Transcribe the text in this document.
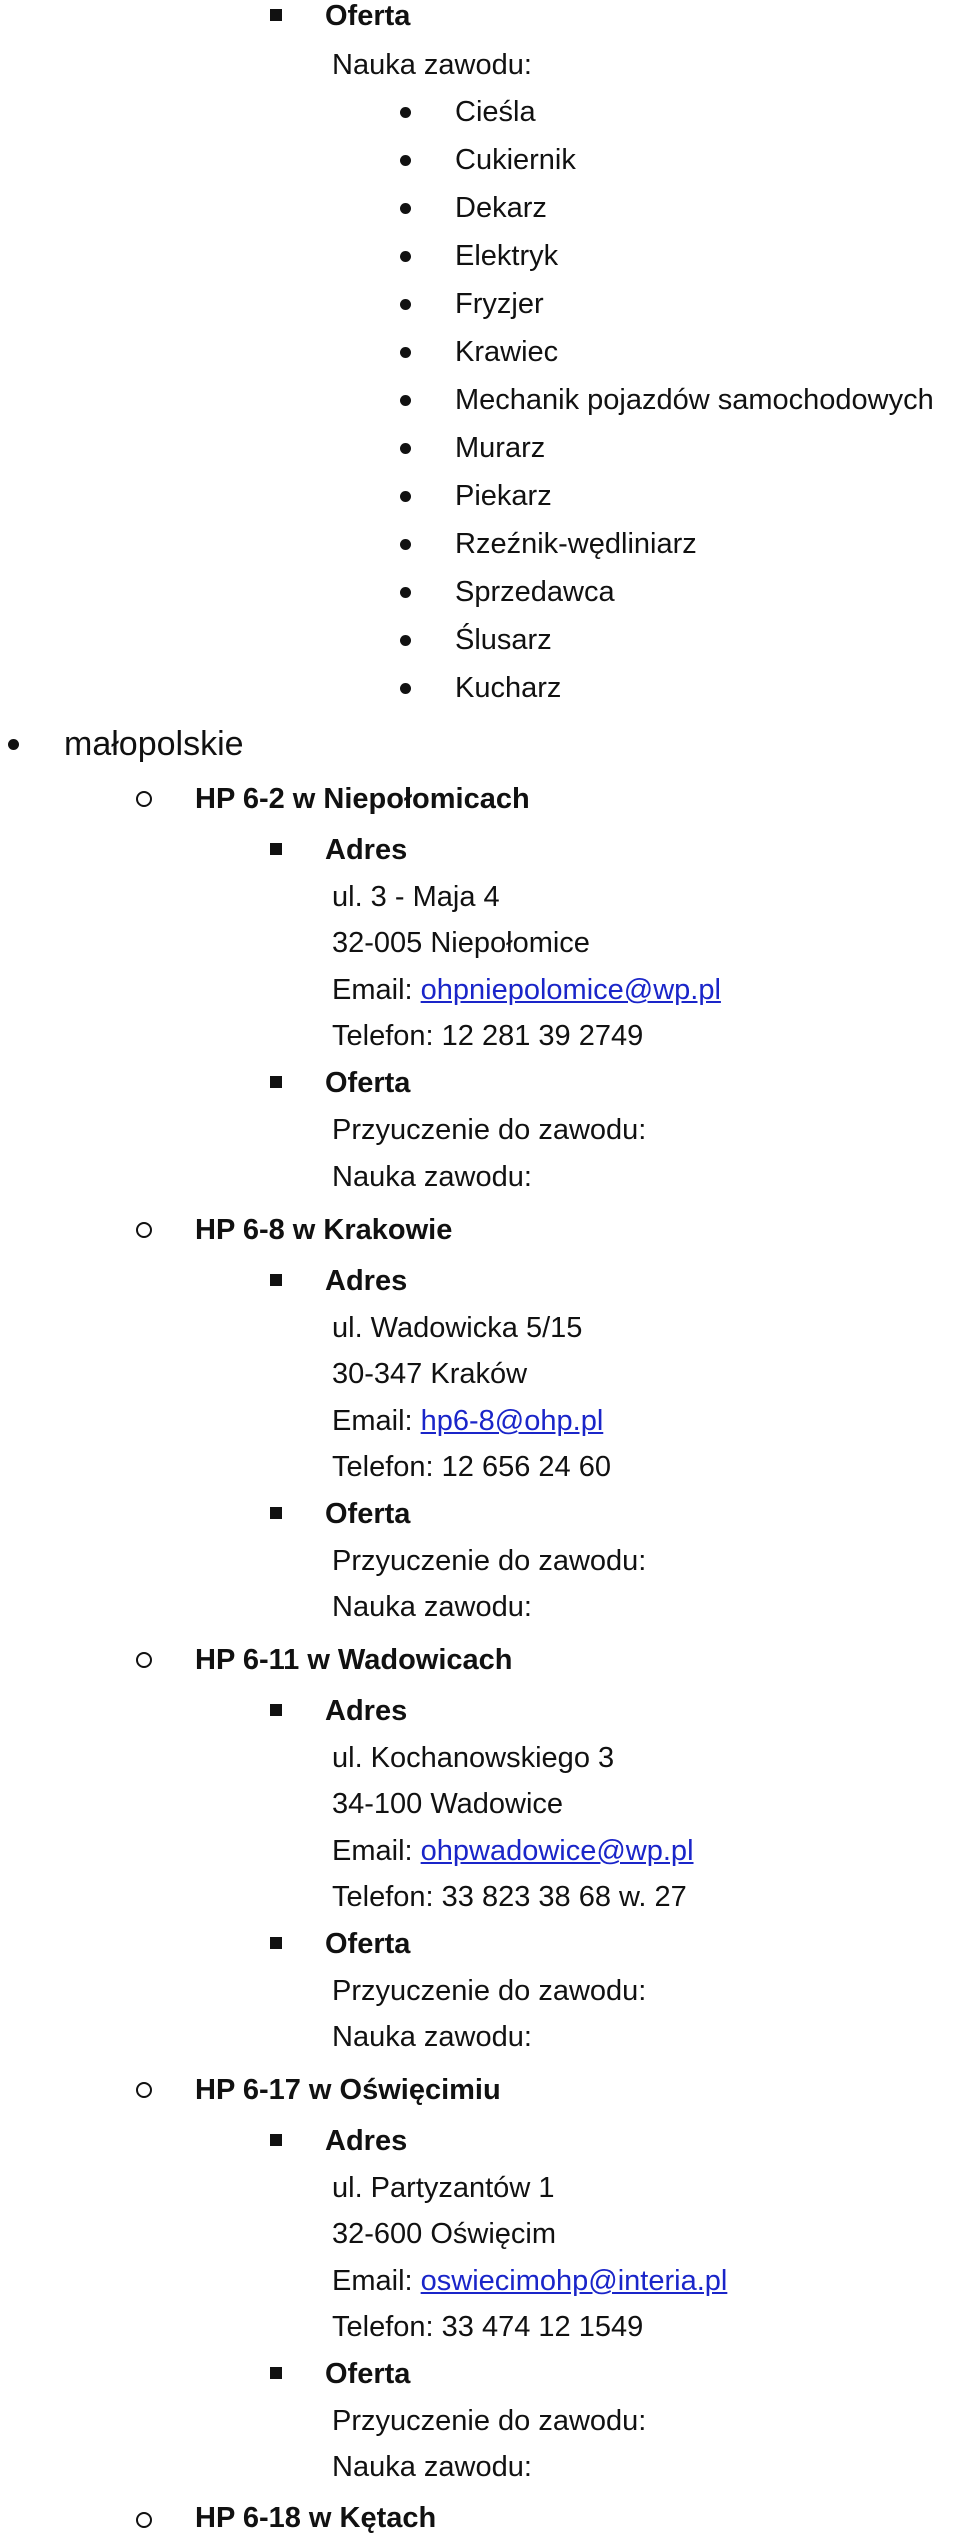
Oferta
Nauka zawodu:
Cieśla
Cukiernik
Dekarz
Elektryk
Fryzjer
Krawiec
Mechanik pojazdów samochodowych
Murarz
Piekarz
Rzeźnik-wędliniarz
Sprzedawca
Ślusarz
Kucharz
małopolskie
HP 6-2 w Niepołomicach
Adres
ul. 3 - Maja 4
32-005 Niepołomice
Email: ohpniepolomice@wp.pl
Telefon: 12 281 39 2749
Oferta
Przyuczenie do zawodu:
Nauka zawodu:
HP 6-8 w Krakowie
Adres
ul. Wadowicka 5/15
30-347 Kraków
Email: hp6-8@ohp.pl
Telefon: 12 656 24 60
Oferta
Przyuczenie do zawodu:
Nauka zawodu:
HP 6-11 w Wadowicach
Adres
ul. Kochanowskiego 3
34-100 Wadowice
Email: ohpwadowice@wp.pl
Telefon: 33 823 38 68 w. 27
Oferta
Przyuczenie do zawodu:
Nauka zawodu:
HP 6-17 w Oświęcimiu
Adres
ul. Partyzantów 1
32-600 Oświęcim
Email: oswiecimohp@interia.pl
Telefon: 33 474 12 1549
Oferta
Przyuczenie do zawodu:
Nauka zawodu:
HP 6-18 w Kętach
